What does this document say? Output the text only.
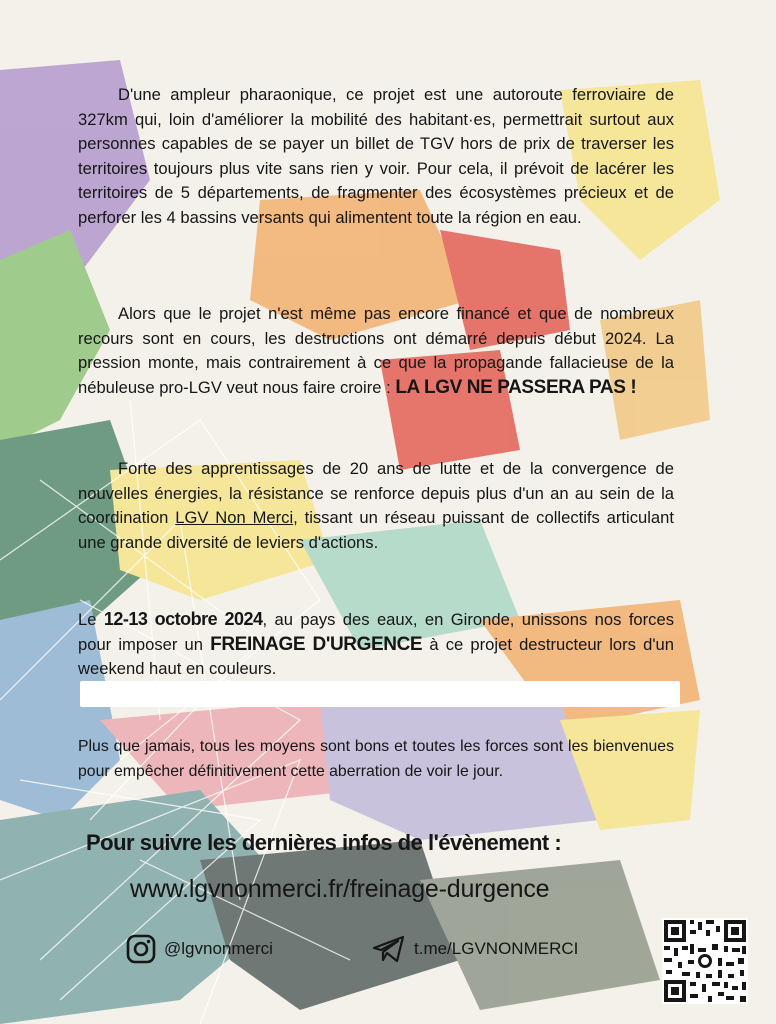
D'une ampleur pharaonique, ce projet est une autoroute ferroviaire de 327km qui, loin d'améliorer la mobilité des habitant·es, permettrait surtout aux personnes capables de se payer un billet de TGV hors de prix de traverser les territoires toujours plus vite sans rien y voir. Pour cela, il prévoit de lacérer les territoires de 5 départements, de fragmenter des écosystèmes précieux et de perforer les 4 bassins versants qui alimentent toute la région en eau.

Alors que le projet n'est même pas encore financé et que de nombreux recours sont en cours, les destructions ont démarré depuis début 2024. La pression monte, mais contrairement à ce que la propagande fallacieuse de la nébuleuse pro-LGV veut nous faire croire : LA LGV NE PASSERA PAS !

Forte des apprentissages de 20 ans de lutte et de la convergence de nouvelles énergies, la résistance se renforce depuis plus d'un an au sein de la coordination LGV Non Merci, tissant un réseau puissant de collectifs articulant une grande diversité de leviers d'actions.

Le 12-13 octobre 2024, au pays des eaux, en Gironde, unissons nos forces pour imposer un FREINAGE D'URGENCE à ce projet destructeur lors d'un weekend haut en couleurs.

Plus que jamais, tous les moyens sont bons et toutes les forces sont les bienvenues pour empêcher définitivement cette aberration de voir le jour.

Pour suivre les dernières infos de l'évènement :
www.lgvnonmerci.fr/freinage-durgence
@lgvnonmerci	t.me/LGVNONMERCI
